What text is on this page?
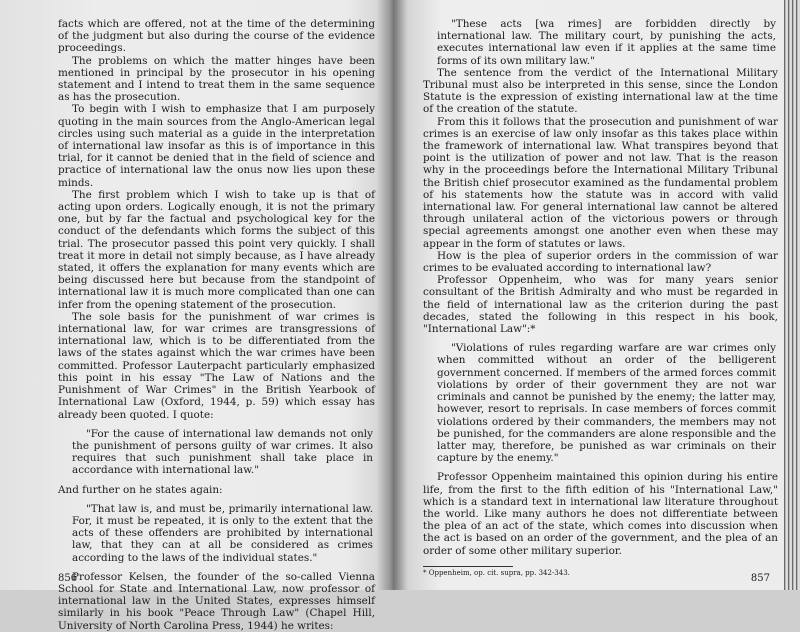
facts which are offered, not at the time of the determining of the judgment but also during the course of the evidence proceedings.

The problems on which the matter hinges have been mentioned in principal by the prosecutor in his opening statement and I intend to treat them in the same sequence as has the prosecution.

To begin with I wish to emphasize that I am purposely quoting in the main sources from the Anglo-American legal circles using such material as a guide in the interpretation of international law insofar as this is of importance in this trial, for it cannot be denied that in the field of science and practice of international law the onus now lies upon these minds.

The first problem which I wish to take up is that of acting upon orders. Logically enough, it is not the primary one, but by far the factual and psychological key for the conduct of the defendants which forms the subject of this trial. The prosecutor passed this point very quickly. I shall treat it more in detail not simply because, as I have already stated, it offers the explanation for many events which are being discussed here but because from the standpoint of international law it is much more complicated than one can infer from the opening statement of the prosecution.

The sole basis for the punishment of war crimes is international law, for war crimes are transgressions of international law, which is to be differentiated from the laws of the states against which the war crimes have been committed. Professor Lauterpacht particularly emphasized this point in his essay "The Law of Nations and the Punishment of War Crimes" in the British Yearbook of International Law (Oxford, 1944, p. 59) which essay has already been quoted. I quote:

"For the cause of international law demands not only the punishment of persons guilty of war crimes. It also requires that such punishment shall take place in accordance with international law."

And further on he states again:

"That law is, and must be, primarily international law. For, it must be repeated, it is only to the extent that the acts of these offenders are prohibited by international law, that they can at all be considered as crimes according to the laws of the individual states."

Professor Kelsen, the founder of the so-called Vienna School for State and International Law, now professor of international law in the United States, expresses himself similarly in his book "Peace Through Law" (Chapel Hill, University of North Carolina Press, 1944) he writes:

856

"These acts [wa rimes] are forbidden directly by international law. The military court, by punishing the acts, executes international law even if it applies at the same time forms of its own military law."

The sentence from the verdict of the International Military Tribunal must also be interpreted in this sense, since the London Statute is the expression of existing international law at the time of the creation of the statute.

From this it follows that the prosecution and punishment of war crimes is an exercise of law only insofar as this takes place within the framework of international law. What transpires beyond that point is the utilization of power and not law. That is the reason why in the proceedings before the International Military Tribunal the British chief prosecutor examined as the fundamental problem of his statements how the statute was in accord with valid international law. For general international law cannot be altered through unilateral action of the victorious powers or through special agreements amongst one another even when these may appear in the form of statutes or laws.

How is the plea of superior orders in the commission of war crimes to be evaluated according to international law?

Professor Oppenheim, who was for many years senior consultant of the British Admiralty and who must be regarded in the field of international law as the criterion during the past decades, stated the following in this respect in his book, "International Law":*

"Violations of rules regarding warfare are war crimes only when committed without an order of the belligerent government concerned. If members of the armed forces commit violations by order of their government they are not war criminals and cannot be punished by the enemy; the latter may, however, resort to reprisals. In case members of forces commit violations ordered by their commanders, the members may not be punished, for the commanders are alone responsible and the latter may, therefore, be punished as war criminals on their capture by the enemy."

Professor Oppenheim maintained this opinion during his entire life, from the first to the fifth edition of his "International Law," which is a standard text in international law literature throughout the world. Like many authors he does not differentiate between the plea of an act of the state, which comes into discussion when the act is based on an order of the government, and the plea of an order of some other military superior.

* Oppenheim, op. cit. supra, pp. 342-343.

857
